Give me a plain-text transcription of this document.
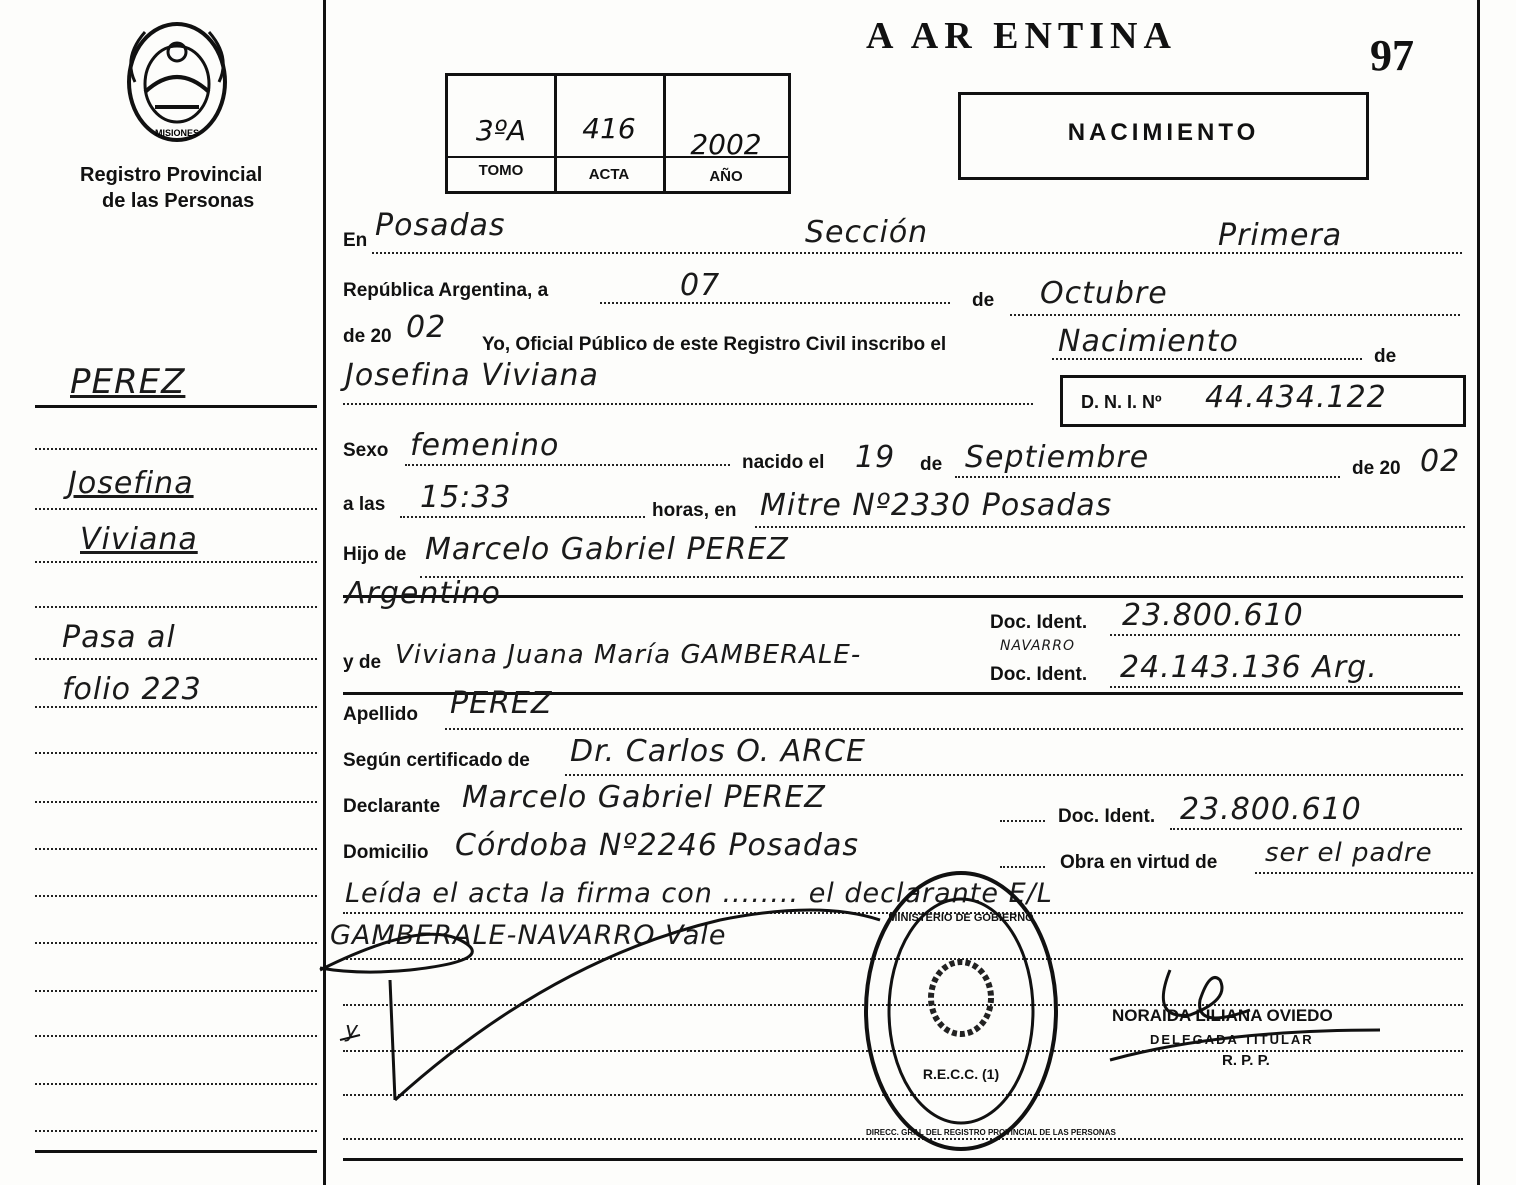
MISIONES
Registro Provincial
de las Personas
A AR ENTINA	97
3ºA
TOMO
416
ACTA
2002
AÑO
NACIMIENTO
PEREZ
Josefina
Viviana
Pasa al
folio 223
En Posadas	Sección	Primera
República Argentina, a	07	de Octubre
de 20 02 Yo, Oficial Público de este Registro Civil inscribo el	Nacimiento	de
Josefina Viviana
D. N. I. Nº 44.434.122
Sexo femenino	nacido el 19 de Septiembre	de 20 02
a las 15:33	horas, en Mitre Nº2330 Posadas
Hijo de Marcelo Gabriel PEREZ
Argentino
Doc. Ident. 23.800.610
y de Viviana Juana María GAMBERALE-	NAVARRO
Doc. Ident. 24.143.136 Arg.
Apellido PEREZ
Según certificado de Dr. Carlos O. ARCE
Declarante Marcelo Gabriel PEREZ
Doc. Ident. 23.800.610
Domicilio Córdoba Nº2246 Posadas	Obra en virtud de ser el padre
Leída el acta la firma con ........ el declarante E/L
GAMBERALE-NAVARRO Vale
y
DIRECC. GRAL DEL REGISTRO PROVINCIAL DE LAS PERSONAS
MINISTERIO DE GOBIERNO
R.E.C.C. (1)
NORAIDA LILIANA OVIEDO
DELEGADA TITULAR
R. P. P.
